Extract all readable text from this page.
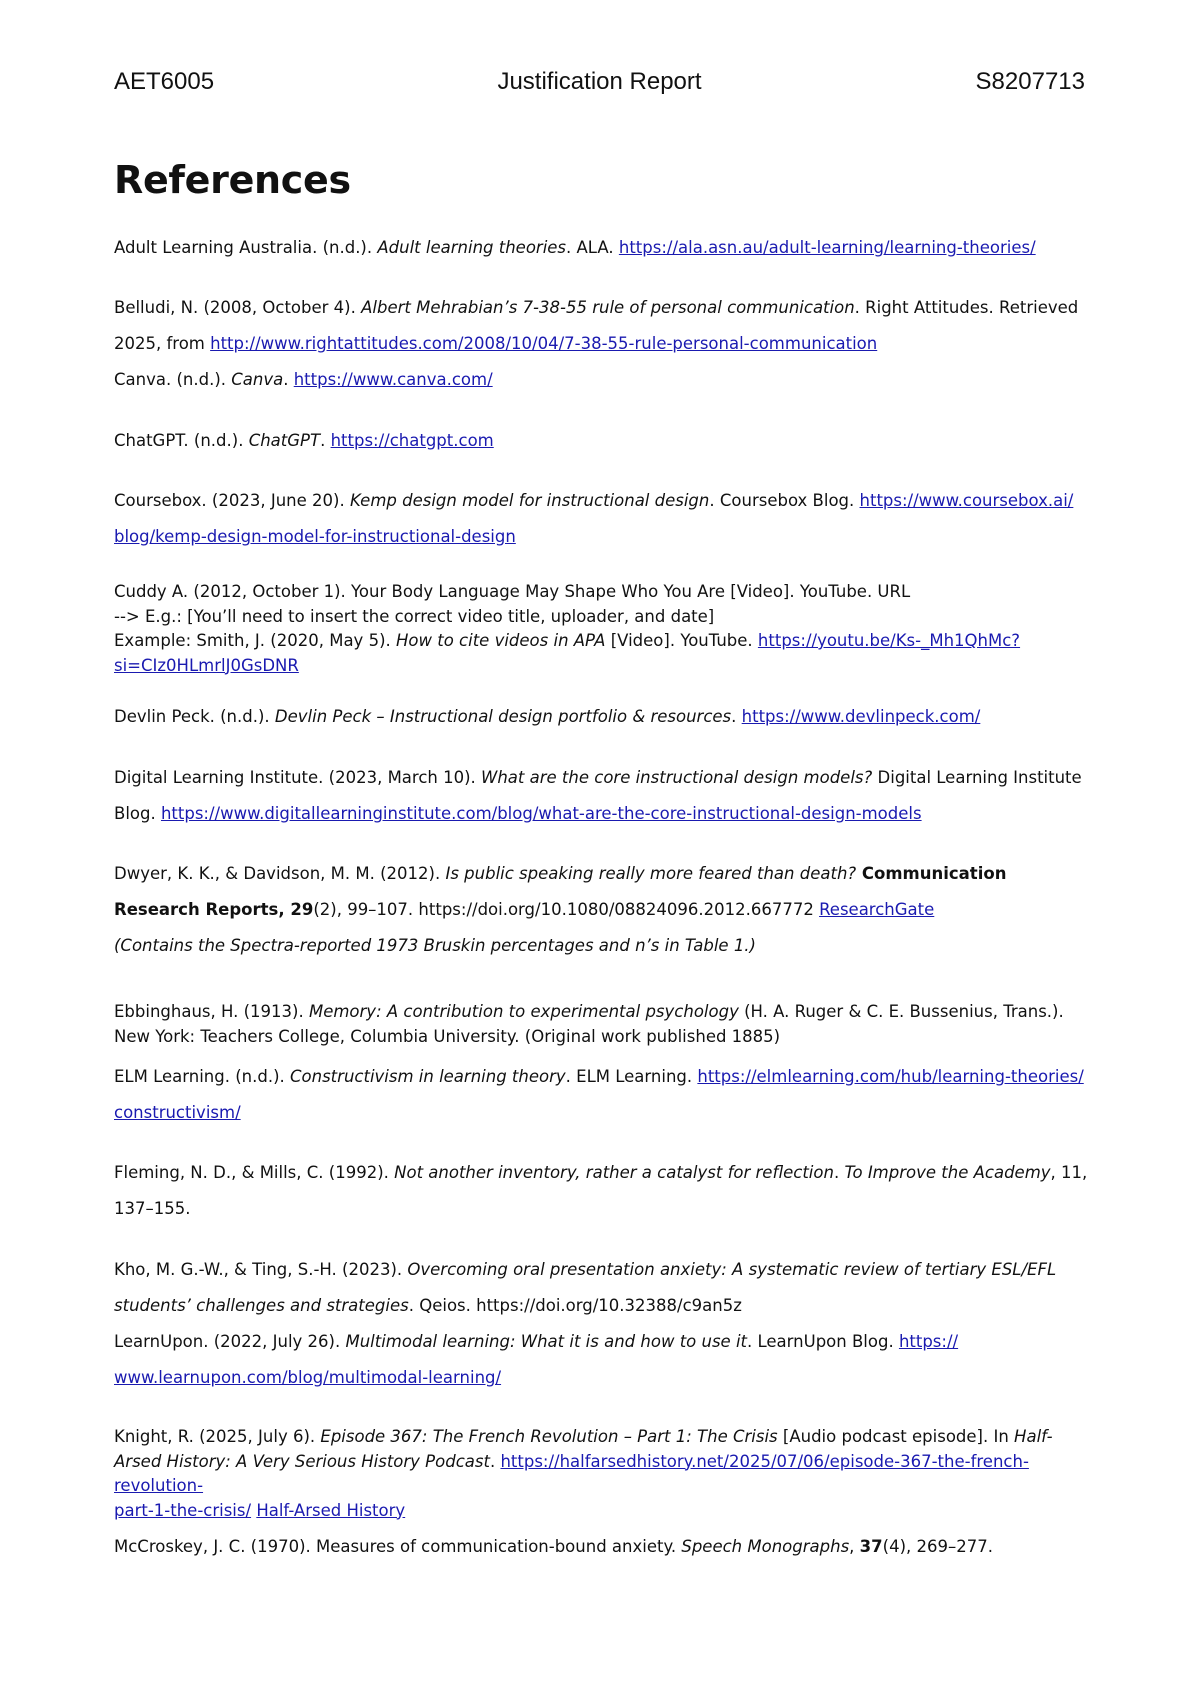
AET6005	Justification Report	S8207713
References
Adult Learning Australia. (n.d.). Adult learning theories. ALA. https://ala.asn.au/adult-learning/learning-theories/
Belludi, N. (2008, October 4). Albert Mehrabian’s 7-38-55 rule of personal communication. Right Attitudes. Retrieved 2025, from http://www.rightattitudes.com/2008/10/04/7-38-55-rule-personal-communication
Canva. (n.d.). Canva. https://www.canva.com/
ChatGPT. (n.d.). ChatGPT. https://chatgpt.com
Coursebox. (2023, June 20). Kemp design model for instructional design. Coursebox Blog. https://www.coursebox.ai/
blog/kemp-design-model-for-instructional-design
Cuddy A. (2012, October 1). Your Body Language May Shape Who You Are [Video]. YouTube. URL
--> E.g.: [You’ll need to insert the correct video title, uploader, and date]
Example: Smith, J. (2020, May 5). How to cite videos in APA [Video]. YouTube. https://youtu.be/Ks-_Mh1QhMc?
si=CIz0HLmrlJ0GsDNR
Devlin Peck. (n.d.). Devlin Peck – Instructional design portfolio & resources. https://www.devlinpeck.com/
Digital Learning Institute. (2023, March 10). What are the core instructional design models? Digital Learning Institute Blog. https://www.digitallearninginstitute.com/blog/what-are-the-core-instructional-design-models
Dwyer, K. K., & Davidson, M. M. (2012). Is public speaking really more feared than death? Communication Research Reports, 29(2), 99–107. https://doi.org/10.1080/08824096.2012.667772 ResearchGate
(Contains the Spectra-reported 1973 Bruskin percentages and n’s in Table 1.)
Ebbinghaus, H. (1913). Memory: A contribution to experimental psychology (H. A. Ruger & C. E. Bussenius, Trans.).
New York: Teachers College, Columbia University. (Original work published 1885)
ELM Learning. (n.d.). Constructivism in learning theory. ELM Learning. https://elmlearning.com/hub/learning-theories/
constructivism/
Fleming, N. D., & Mills, C. (1992). Not another inventory, rather a catalyst for reflection. To Improve the Academy, 11, 137–155.
Kho, M. G.-W., & Ting, S.-H. (2023). Overcoming oral presentation anxiety: A systematic review of tertiary ESL/EFL students’ challenges and strategies. Qeios. https://doi.org/10.32388/c9an5z
LearnUpon. (2022, July 26). Multimodal learning: What it is and how to use it. LearnUpon Blog. https://
www.learnupon.com/blog/multimodal-learning/
Knight, R. (2025, July 6). Episode 367: The French Revolution – Part 1: The Crisis [Audio podcast episode]. In Half-Arsed History: A Very Serious History Podcast. https://halfarsedhistory.net/2025/07/06/episode-367-the-french-revolution-
part-1-the-crisis/ Half-Arsed History
McCroskey, J. C. (1970). Measures of communication-bound anxiety. Speech Monographs, 37(4), 269–277.
